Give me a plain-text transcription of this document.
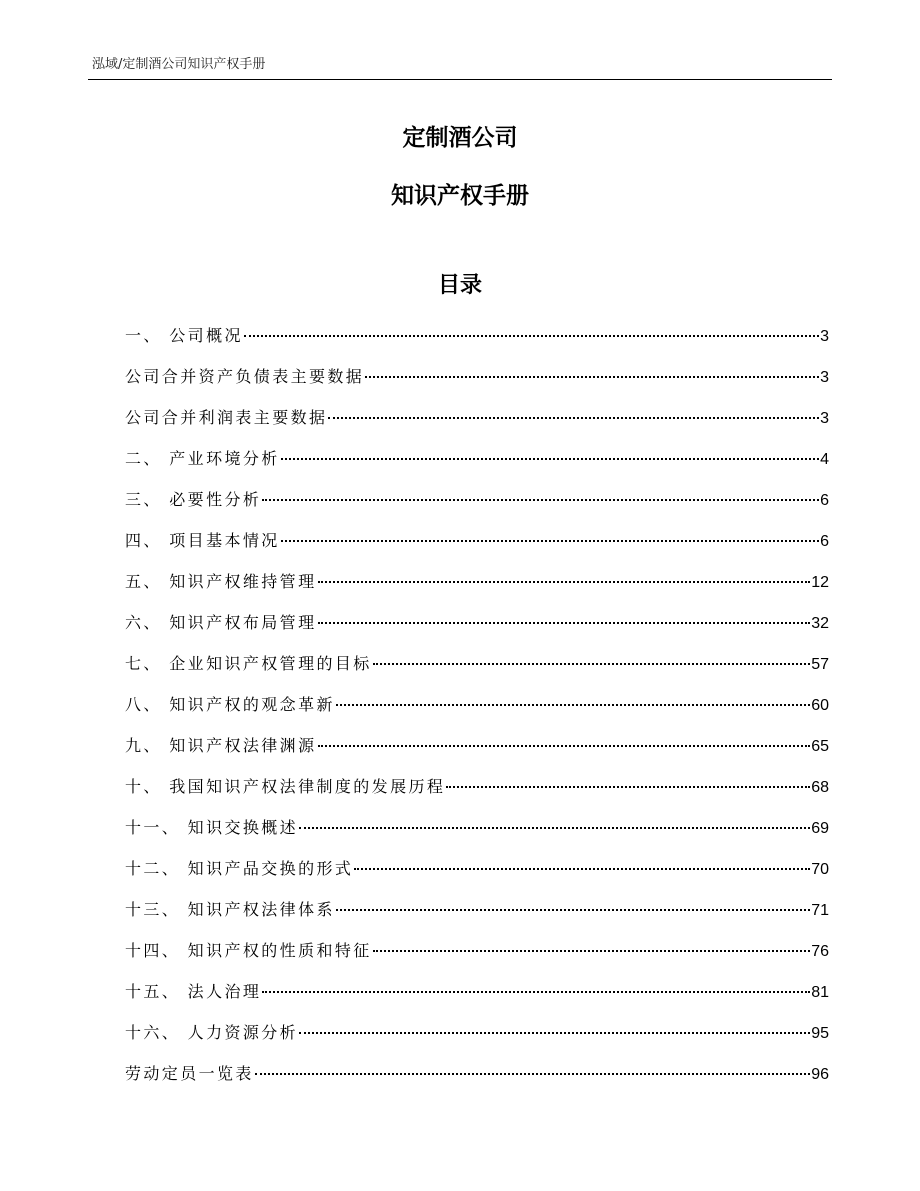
泓域/定制酒公司知识产权手册
定制酒公司
知识产权手册
目录
一、 公司概况	3
公司合并资产负债表主要数据	3
公司合并利润表主要数据	3
二、 产业环境分析	4
三、 必要性分析	6
四、 项目基本情况	6
五、 知识产权维持管理	12
六、 知识产权布局管理	32
七、 企业知识产权管理的目标	57
八、 知识产权的观念革新	60
九、 知识产权法律渊源	65
十、 我国知识产权法律制度的发展历程	68
十一、 知识交换概述	69
十二、 知识产品交换的形式	70
十三、 知识产权法律体系	71
十四、 知识产权的性质和特征	76
十五、 法人治理	81
十六、 人力资源分析	95
劳动定员一览表	96
